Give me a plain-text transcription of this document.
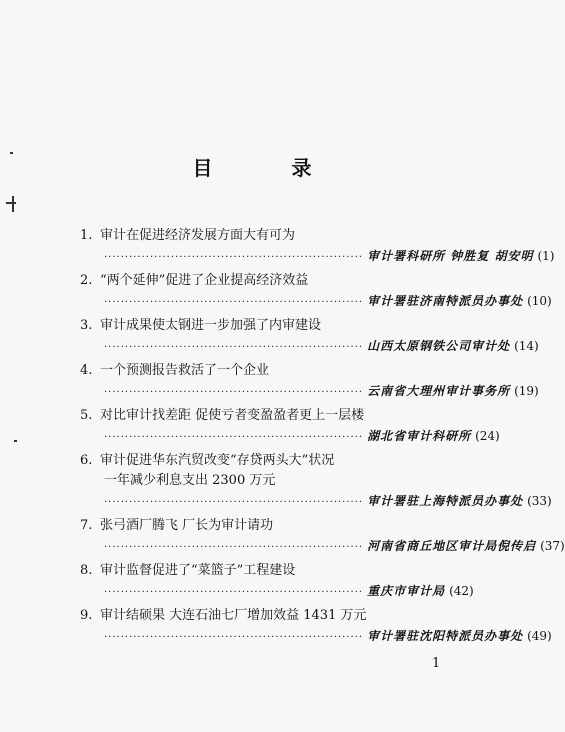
目 录
1. 审计在促进经济发展方面大有可为
······························································ 审计署科研所 钟胜复 胡安明 (1)
2. “两个延伸”促进了企业提高经济效益
······························································ 审计署驻济南特派员办事处 (10)
3. 审计成果使太钢进一步加强了内审建设
······························································ 山西太原钢铁公司审计处 (14)
4. 一个预测报告救活了一个企业
······························································ 云南省大理州审计事务所 (19)
5. 对比审计找差距 促使亏者变盈盈者更上一层楼
······························································ 湖北省审计科研所 (24)
6. 审计促进华东汽贸改变“存贷两头大”状况
一年减少利息支出 2300 万元
······························································ 审计署驻上海特派员办事处 (33)
7. 张弓酒厂腾飞 厂长为审计请功
······························································ 河南省商丘地区审计局倪传启 (37)
8. 审计监督促进了“菜篮子”工程建设
······························································ 重庆市审计局 (42)
9. 审计结硕果 大连石油七厂增加效益 1431 万元
······························································ 审计署驻沈阳特派员办事处 (49)
1
